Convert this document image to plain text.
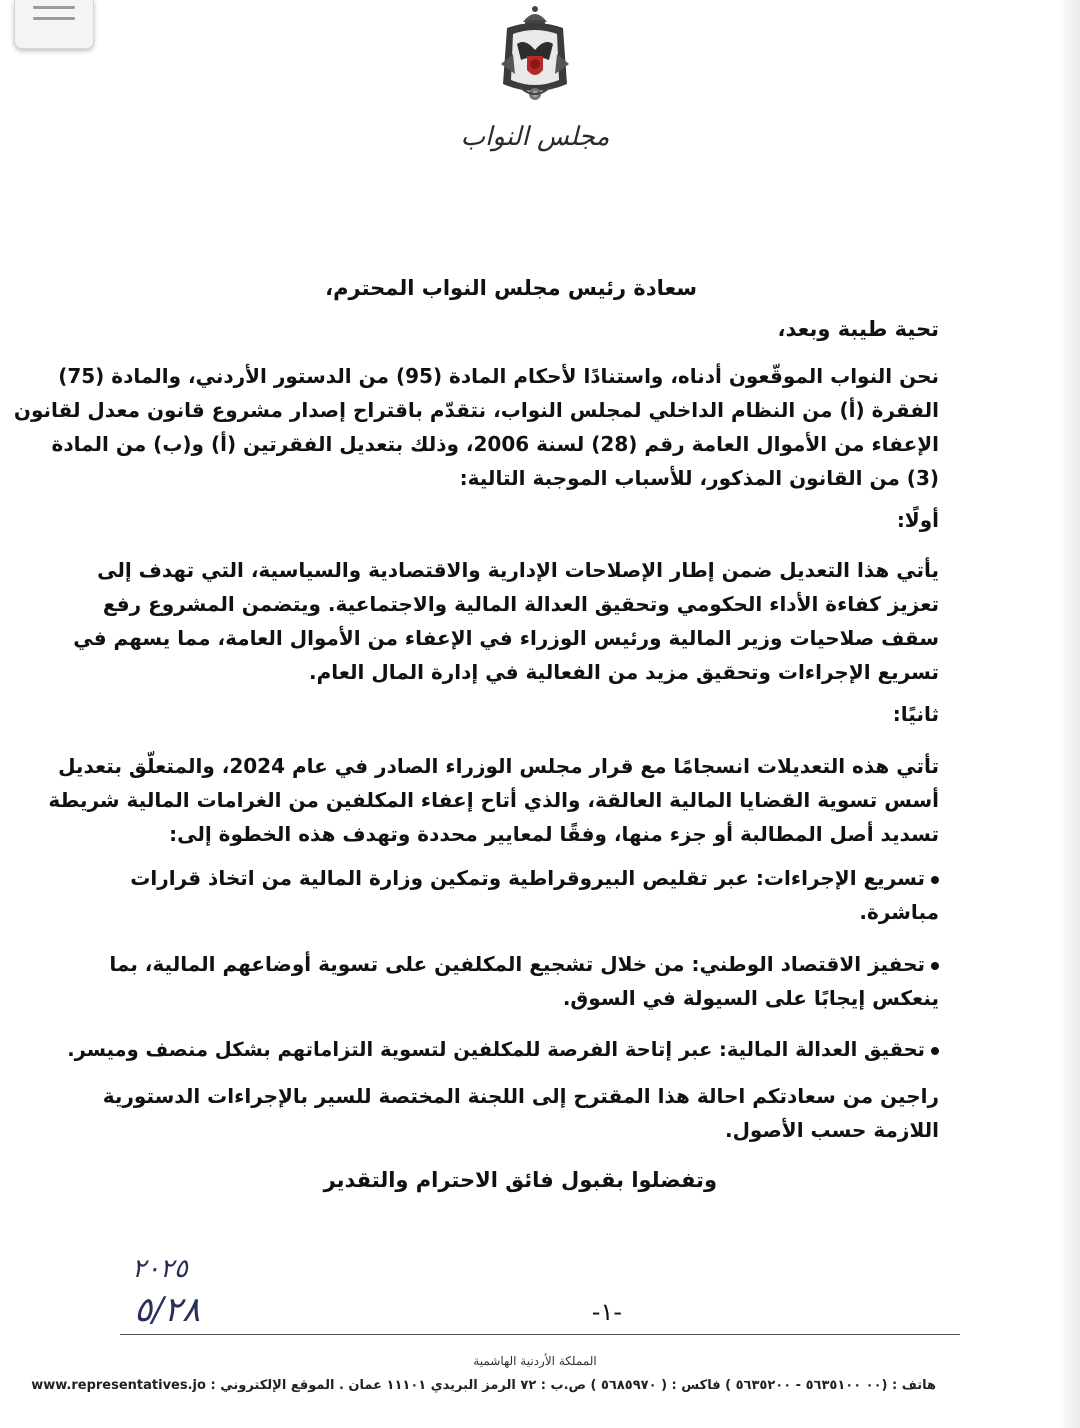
مجلس النواب
سعادة رئيس مجلس النواب المحترم،
تحية طيبة وبعد،
نحن النواب الموقّعون أدناه، واستنادًا لأحكام المادة (95) من الدستور الأردني، والمادة (75)
الفقرة (أ) من النظام الداخلي لمجلس النواب، نتقدّم باقتراح إصدار مشروع قانون معدل لقانون
الإعفاء من الأموال العامة رقم (28) لسنة 2006، وذلك بتعديل الفقرتين (أ) و(ب) من المادة
(3) من القانون المذكور، للأسباب الموجبة التالية:
أولًا:
يأتي هذا التعديل ضمن إطار الإصلاحات الإدارية والاقتصادية والسياسية، التي تهدف إلى
تعزيز كفاءة الأداء الحكومي وتحقيق العدالة المالية والاجتماعية. ويتضمن المشروع رفع
سقف صلاحيات وزير المالية ورئيس الوزراء في الإعفاء من الأموال العامة، مما يسهم في
تسريع الإجراءات وتحقيق مزيد من الفعالية في إدارة المال العام.
ثانيًا:
تأتي هذه التعديلات انسجامًا مع قرار مجلس الوزراء الصادر في عام 2024، والمتعلّق بتعديل
أسس تسوية القضايا المالية العالقة، والذي أتاح إعفاء المكلفين من الغرامات المالية شريطة
تسديد أصل المطالبة أو جزء منها، وفقًا لمعايير محددة وتهدف هذه الخطوة إلى:
تسريع الإجراءات: عبر تقليص البيروقراطية وتمكين وزارة المالية من اتخاذ قرارات
مباشرة.
تحفيز الاقتصاد الوطني: من خلال تشجيع المكلفين على تسوية أوضاعهم المالية، بما
ينعكس إيجابًا على السيولة في السوق.
تحقيق العدالة المالية: عبر إتاحة الفرصة للمكلفين لتسوية التزاماتهم بشكل منصف وميسر.
راجين من سعادتكم احالة هذا المقترح إلى اللجنة المختصة للسير بالإجراءات الدستورية
اللازمة حسب الأصول.
وتفضلوا بقبول فائق الاحترام والتقدير
٢٠٢٥
٥/٢٨	-١-
المملكة الأردنية الهاشمية
هاتف : (٠٠ ٥٦٣٥١٠٠ - ٥٦٣٥٢٠٠ ) فاكس : ( ٥٦٨٥٩٧٠ ) ص.ب : ٧٢ الرمز البريدي ١١١٠١ عمان . الموقع الإلكتروني : www.representatives.jo
